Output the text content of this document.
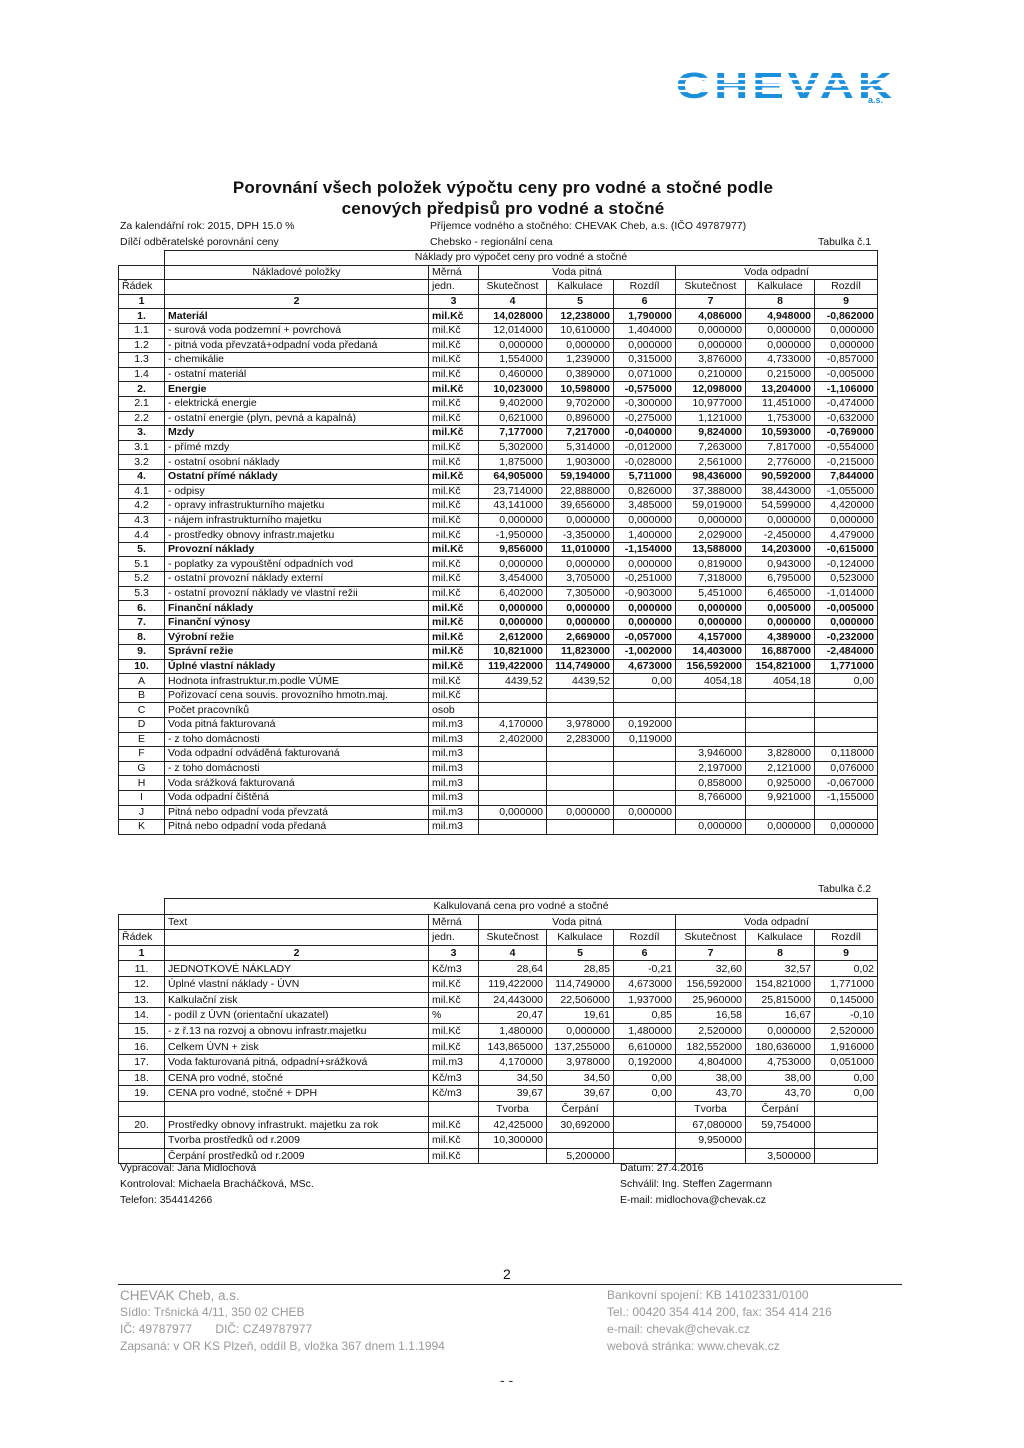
CHEVAK
a.s.
Porovnání všech položek výpočtu ceny pro vodné a stočné podle
cenových předpisů pro vodné a stočné
Za kalendářní rok: 2015, DPH 15.0 %	Příjemce vodného a stočného: CHEVAK Cheb, a.s. (IČO 49787977)
Dílčí odběratelské porovnání ceny	Chebsko - regionální cena	Tabulka č.1
	Náklady pro výpočet ceny pro vodné a stočné							
	Nákladové položky	Měrná	Voda pitná			Voda odpadní		
Řádek		jedn.	Skutečnost	Kalkulace	Rozdíl	Skutečnost	Kalkulace	Rozdíl
1	2	3	4	5	6	7	8	9
1.	Materiál	mil.Kč	14,028000	12,238000	1,790000	4,086000	4,948000	-0,862000
1.1	- surová voda podzemní + povrchová	mil.Kč	12,014000	10,610000	1,404000	0,000000	0,000000	0,000000
1.2	- pitná voda převzatá+odpadní voda předaná	mil.Kč	0,000000	0,000000	0,000000	0,000000	0,000000	0,000000
1.3	- chemikálie	mil.Kč	1,554000	1,239000	0,315000	3,876000	4,733000	-0,857000
1.4	- ostatní materiál	mil.Kč	0,460000	0,389000	0,071000	0,210000	0,215000	-0,005000
2.	Energie	mil.Kč	10,023000	10,598000	-0,575000	12,098000	13,204000	-1,106000
2.1	- elektrická energie	mil.Kč	9,402000	9,702000	-0,300000	10,977000	11,451000	-0,474000
2.2	- ostatní energie (plyn, pevná a kapalná)	mil.Kč	0,621000	0,896000	-0,275000	1,121000	1,753000	-0,632000
3.	Mzdy	mil.Kč	7,177000	7,217000	-0,040000	9,824000	10,593000	-0,769000
3.1	- přímé mzdy	mil.Kč	5,302000	5,314000	-0,012000	7,263000	7,817000	-0,554000
3.2	- ostatní osobní náklady	mil.Kč	1,875000	1,903000	-0,028000	2,561000	2,776000	-0,215000
4.	Ostatní přímé náklady	mil.Kč	64,905000	59,194000	5,711000	98,436000	90,592000	7,844000
4.1	- odpisy	mil.Kč	23,714000	22,888000	0,826000	37,388000	38,443000	-1,055000
4.2	- opravy infrastrukturního majetku	mil.Kč	43,141000	39,656000	3,485000	59,019000	54,599000	4,420000
4.3	- nájem infrastrukturního majetku	mil.Kč	0,000000	0,000000	0,000000	0,000000	0,000000	0,000000
4.4	- prostředky obnovy infrastr.majetku	mil.Kč	-1,950000	-3,350000	1,400000	2,029000	-2,450000	4,479000
5.	Provozní náklady	mil.Kč	9,856000	11,010000	-1,154000	13,588000	14,203000	-0,615000
5.1	- poplatky za vypouštění odpadních vod	mil.Kč	0,000000	0,000000	0,000000	0,819000	0,943000	-0,124000
5.2	- ostatní provozní náklady externí	mil.Kč	3,454000	3,705000	-0,251000	7,318000	6,795000	0,523000
5.3	- ostatní provozní náklady ve vlastní režii	mil.Kč	6,402000	7,305000	-0,903000	5,451000	6,465000	-1,014000
6.	Finanční náklady	mil.Kč	0,000000	0,000000	0,000000	0,000000	0,005000	-0,005000
7.	Finanční výnosy	mil.Kč	0,000000	0,000000	0,000000	0,000000	0,000000	0,000000
8.	Výrobní režie	mil.Kč	2,612000	2,669000	-0,057000	4,157000	4,389000	-0,232000
9.	Správní režie	mil.Kč	10,821000	11,823000	-1,002000	14,403000	16,887000	-2,484000
10.	Úplné vlastní náklady	mil.Kč	119,422000	114,749000	4,673000	156,592000	154,821000	1,771000
A	Hodnota infrastruktur.m.podle VÚME	mil.Kč	4439,52	4439,52	0,00	4054,18	4054,18	0,00
B	Pořizovací cena souvis. provozního hmotn.maj.	mil.Kč						
C	Počet pracovníků	osob						
D	Voda pitná fakturovaná	mil.m3	4,170000	3,978000	0,192000			
E	- z toho domácnosti	mil.m3	2,402000	2,283000	0,119000			
F	Voda odpadní odváděná fakturovaná	mil.m3				3,946000	3,828000	0,118000
G	- z toho domácnosti	mil.m3				2,197000	2,121000	0,076000
H	Voda srážková fakturovaná	mil.m3				0,858000	0,925000	-0,067000
I	Voda odpadní čištěná	mil.m3				8,766000	9,921000	-1,155000
J	Pitná nebo odpadní voda převzatá	mil.m3	0,000000	0,000000	0,000000			
K	Pitná nebo odpadní voda předaná	mil.m3				0,000000	0,000000	0,000000
Tabulka č.2
	Kalkulovaná cena pro vodné a stočné							
	Text	Měrná	Voda pitná			Voda odpadní		
Řádek		jedn.	Skutečnost	Kalkulace	Rozdíl	Skutečnost	Kalkulace	Rozdíl
1	2	3	4	5	6	7	8	9
11.	JEDNOTKOVÉ NÁKLADY	Kč/m3	28,64	28,85	-0,21	32,60	32,57	0,02
12.	Úplné vlastní náklady - ÚVN	mil.Kč	119,422000	114,749000	4,673000	156,592000	154,821000	1,771000
13.	Kalkulační zisk	mil.Kč	24,443000	22,506000	1,937000	25,960000	25,815000	0,145000
14.	- podíl z ÚVN (orientační ukazatel)	%	20,47	19,61	0,85	16,58	16,67	-0,10
15.	- z ř.13 na rozvoj a obnovu infrastr.majetku	mil.Kč	1,480000	0,000000	1,480000	2,520000	0,000000	2,520000
16.	Celkem ÚVN + zisk	mil.Kč	143,865000	137,255000	6,610000	182,552000	180,636000	1,916000
17.	Voda fakturovaná pitná, odpadní+srážková	mil.m3	4,170000	3,978000	0,192000	4,804000	4,753000	0,051000
18.	CENA pro vodné, stočné	Kč/m3	34,50	34,50	0,00	38,00	38,00	0,00
19.	CENA pro vodné, stočné + DPH	Kč/m3	39,67	39,67	0,00	43,70	43,70	0,00
			Tvorba	Čerpání		Tvorba	Čerpání	
20.	Prostředky obnovy infrastrukt. majetku za rok	mil.Kč	42,425000	30,692000		67,080000	59,754000	
	Tvorba prostředků od r.2009	mil.Kč	10,300000			9,950000		
	Čerpání prostředků od r.2009	mil.Kč		5,200000			3,500000	
Vypracoval: Jana Midlochová
Kontroloval: Michaela Bracháčková, MSc.
Telefon: 354414266
Datum: 27.4.2016
Schválil: Ing. Steffen Zagermann
E-mail: midlochova@chevak.cz
2
CHEVAK Cheb, a.s.
Sídlo: Tršnická 4/11, 350 02 CHEB
IČ: 49787977       DIČ: CZ49787977
Zapsaná: v OR KS Plzeň, oddíl B, vložka 367 dnem 1.1.1994
Bankovní spojení: KB 14102331/0100
Tel.: 00420 354 414 200, fax: 354 414 216
e-mail: chevak@chevak.cz
webová stránka: www.chevak.cz
- -
